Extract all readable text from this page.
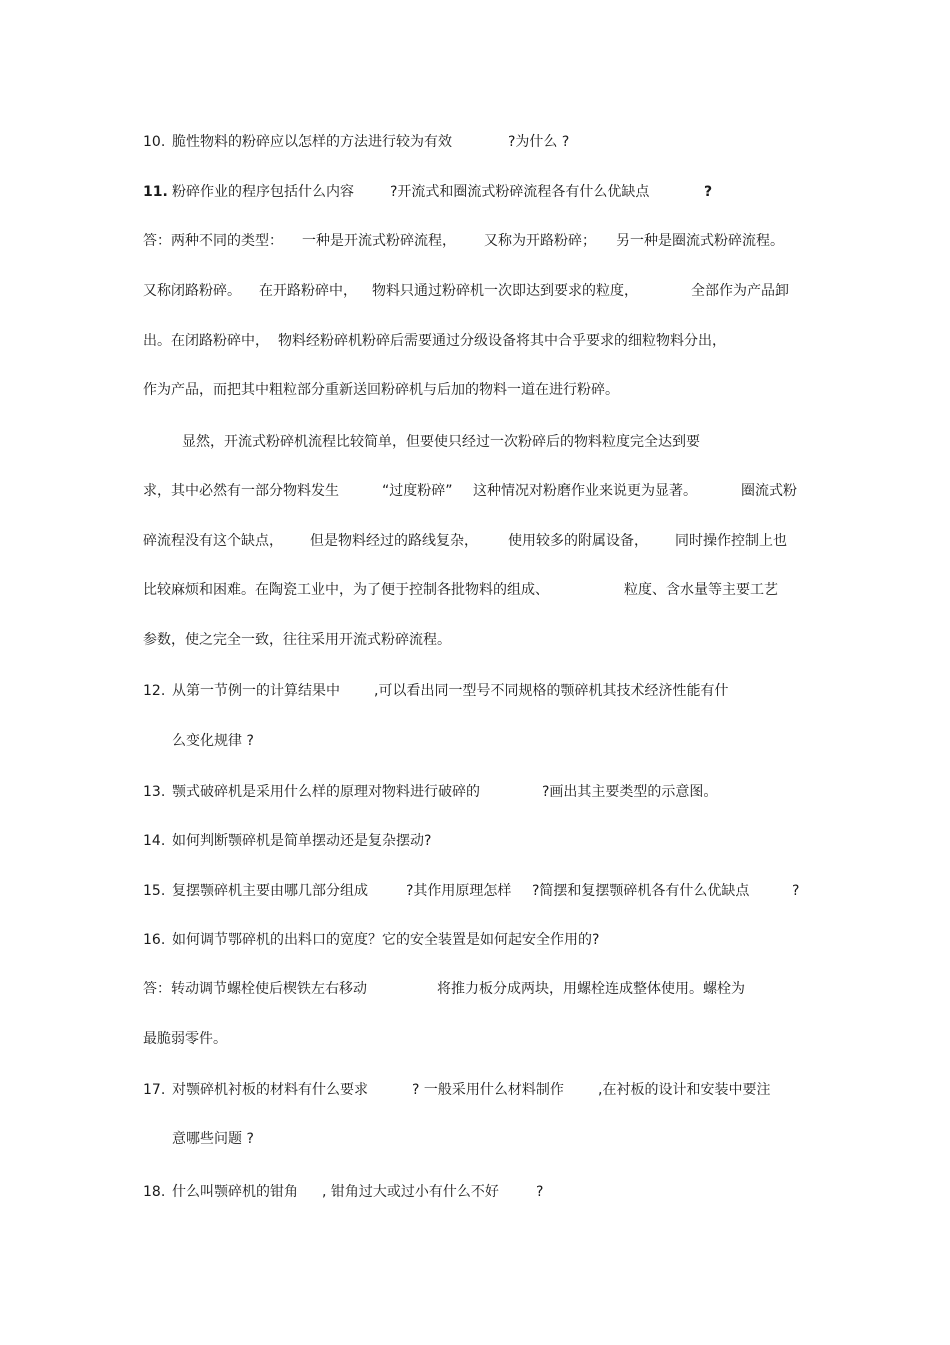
10. 脆性物料的粉碎应以怎样的方法进行较为有效	?为什么 ?
11. 粉碎作业的程序包括什么内容	?开流式和圈流式粉碎流程各有什么优缺点	?
答：两种不同的类型： 一种是开流式粉碎流程， 又称为开路粉碎； 另一种是圈流式粉碎流程。
又称闭路粉碎。 在开路粉碎中， 物料只通过粉碎机一次即达到要求的粒度，	全部作为产品卸
出。在闭路粉碎中， 物料经粉碎机粉碎后需要通过分级设备将其中合乎要求的细粒物料分出，
作为产品，而把其中粗粒部分重新送回粉碎机与后加的物料一道在进行粉碎。
显然，开流式粉碎机流程比较简单，但要使只经过一次粉碎后的物料粒度完全达到要
求，其中必然有一部分物料发生	“过度粉碎” 这种情况对粉磨作业来说更为显著。	圈流式粉
碎流程没有这个缺点， 但是物料经过的路线复杂， 使用较多的附属设备， 同时操作控制上也
比较麻烦和困难。在陶瓷工业中，为了便于控制各批物料的组成、	粒度、含水量等主要工艺
参数，使之完全一致，往往采用开流式粉碎流程。
12. 从第一节例一的计算结果中 ,可以看出同一型号不同规格的颚碎机其技术经济性能有什
么变化规律 ?
13. 颚式破碎机是采用什么样的原理对物料进行破碎的	?画出其主要类型的示意图。
14. 如何判断颚碎机是简单摆动还是复杂摆动?
15. 复摆颚碎机主要由哪几部分组成	?其作用原理怎样 ?简摆和复摆颚碎机各有什么优缺点	?
16. 如何调节鄂碎机的出料口的宽度？它的安全装置是如何起安全作用的?
答：转动调节螺栓使后楔铁左右移动	将推力板分成两块，用螺栓连成整体使用。螺栓为
最脆弱零件。
17. 对颚碎机衬板的材料有什么要求	? 一般采用什么材料制作 ,在衬板的设计和安装中要注
意哪些问题 ?
18. 什么叫颚碎机的钳角 , 钳角过大或过小有什么不好	?
